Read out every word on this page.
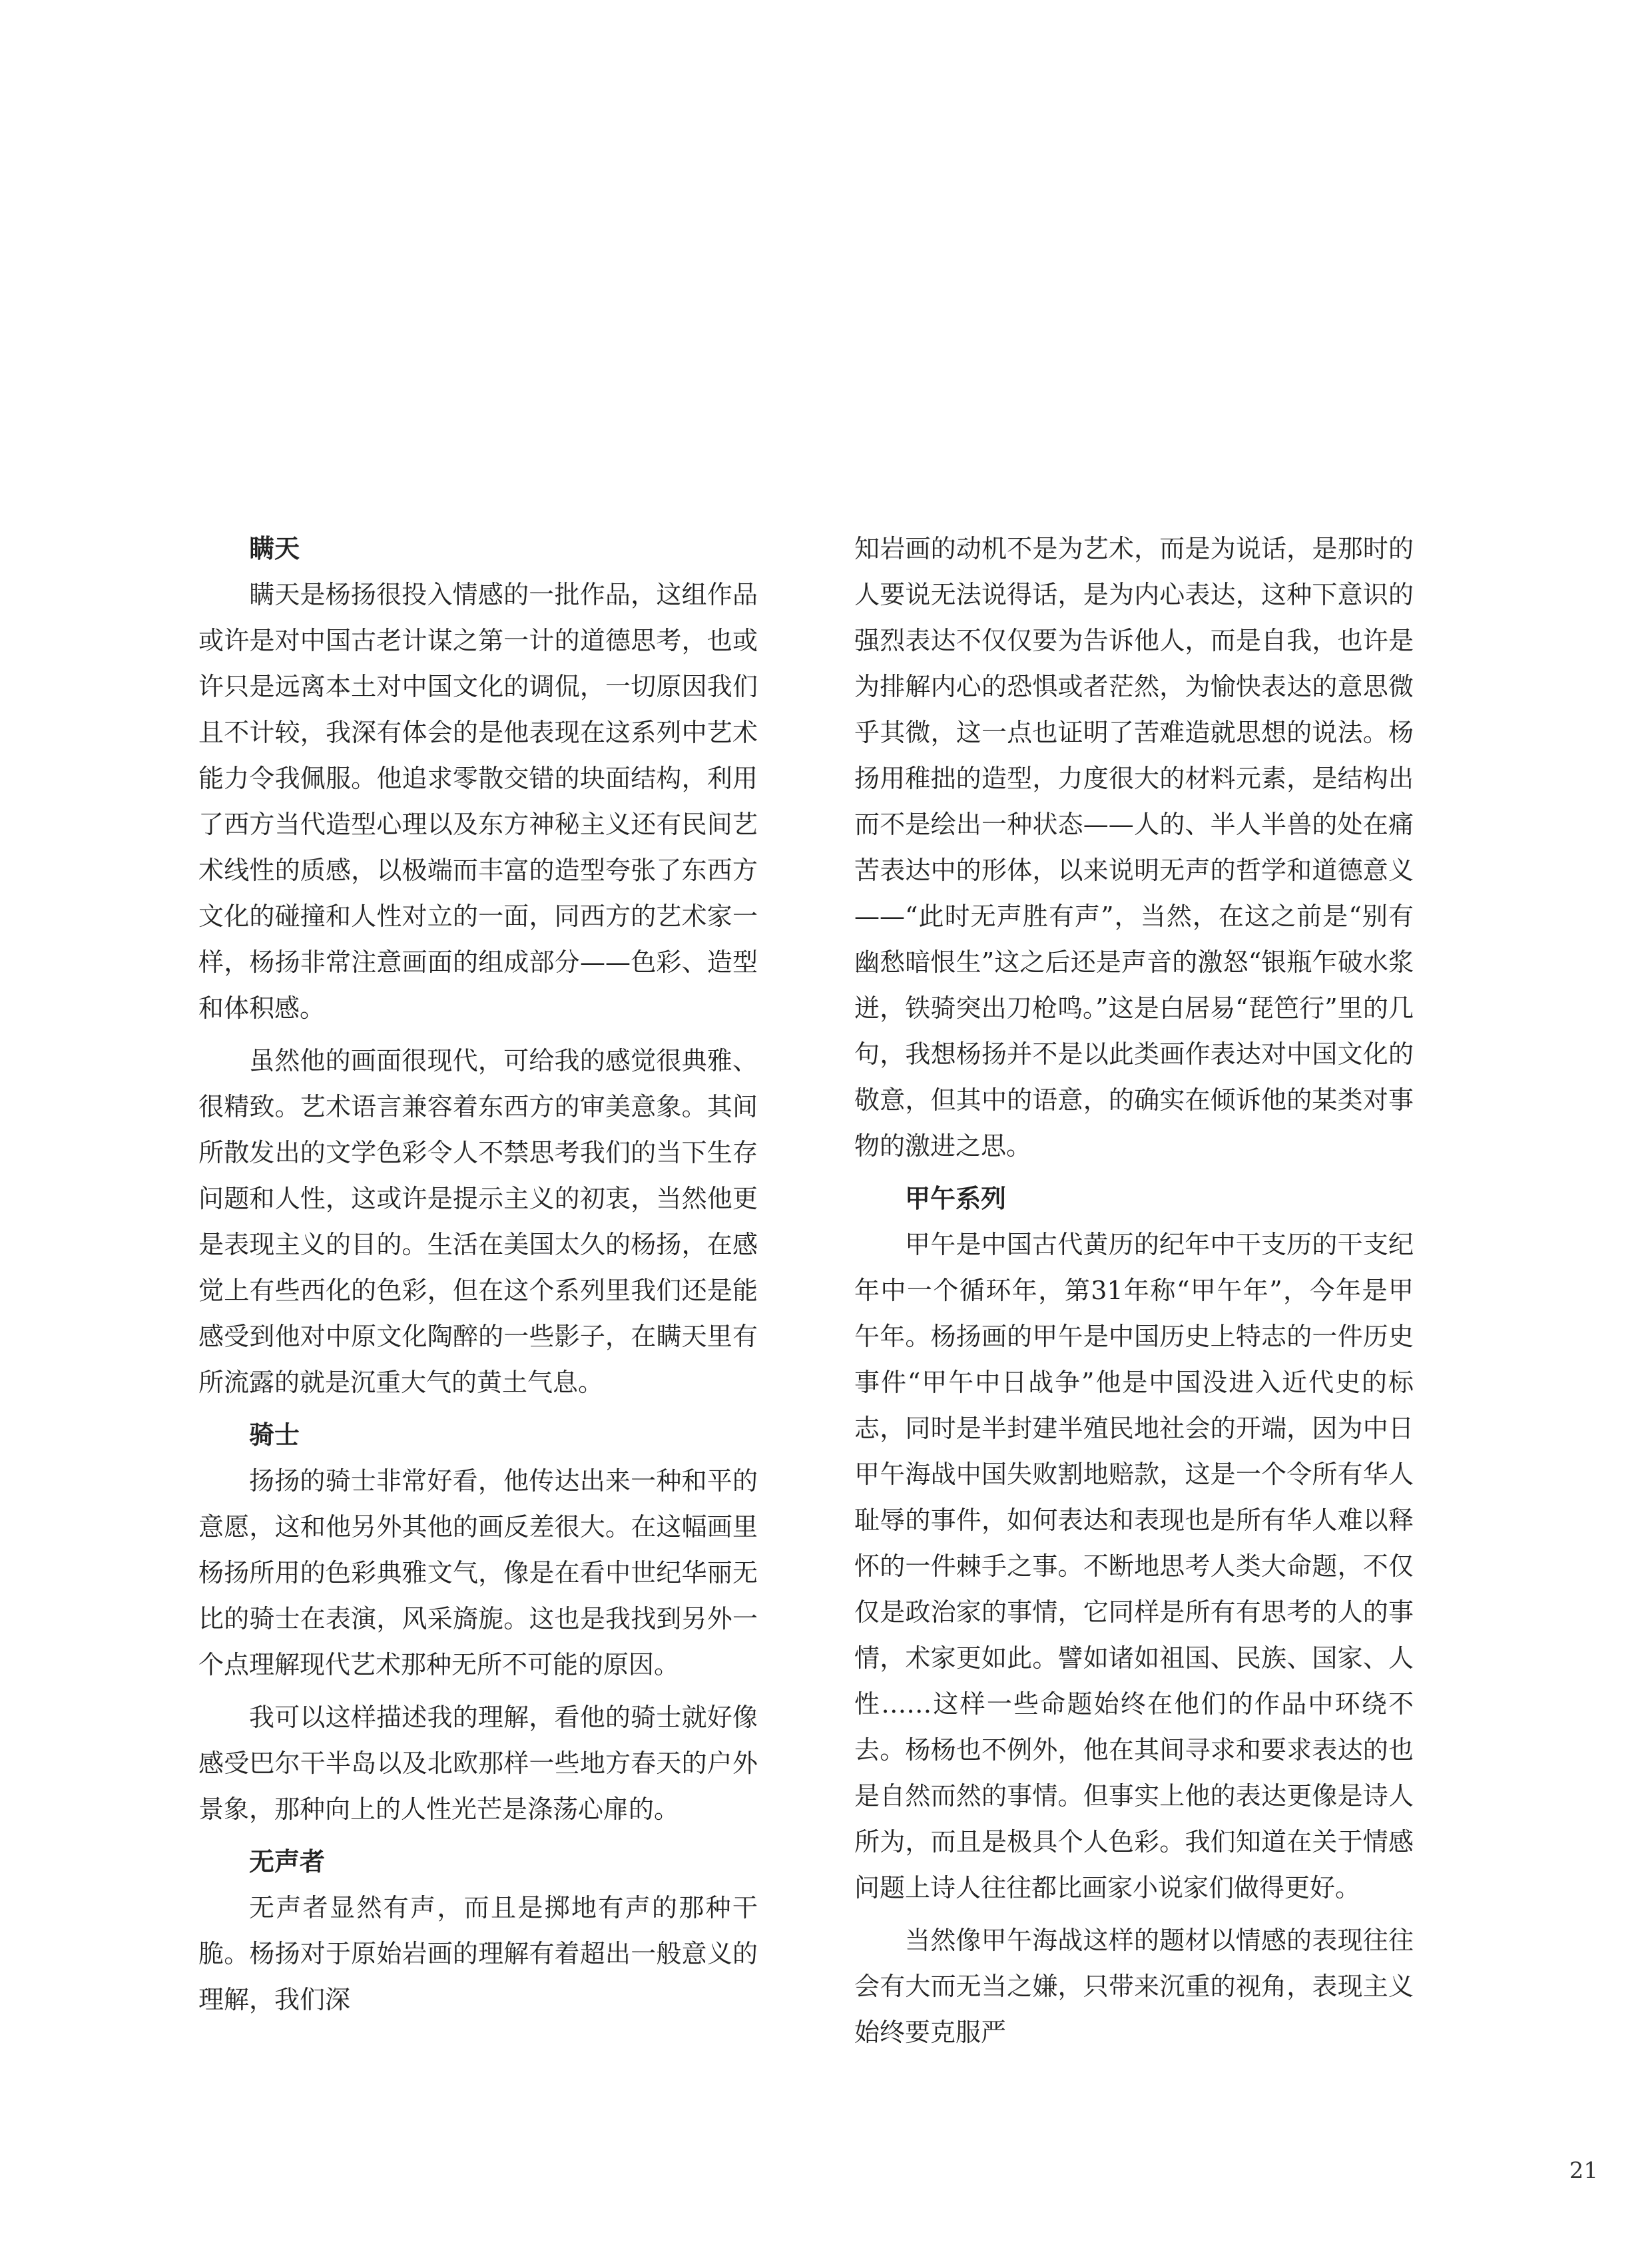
瞒天

瞒天是杨扬很投入情感的一批作品，这组作品或许是对中国古老计谋之第一计的道德思考，也或许只是远离本土对中国文化的调侃，一切原因我们且不计较，我深有体会的是他表现在这系列中艺术能力令我佩服。他追求零散交错的块面结构，利用了西方当代造型心理以及东方神秘主义还有民间艺术线性的质感，以极端而丰富的造型夸张了东西方文化的碰撞和人性对立的一面，同西方的艺术家一样，杨扬非常注意画面的组成部分——色彩、造型和体积感。

虽然他的画面很现代，可给我的感觉很典雅、很精致。艺术语言兼容着东西方的审美意象。其间所散发出的文学色彩令人不禁思考我们的当下生存问题和人性，这或许是提示主义的初衷，当然他更是表现主义的目的。生活在美国太久的杨扬，在感觉上有些西化的色彩，但在这个系列里我们还是能感受到他对中原文化陶醉的一些影子，在瞒天里有所流露的就是沉重大气的黄土气息。

骑士

扬扬的骑士非常好看，他传达出来一种和平的意愿，这和他另外其他的画反差很大。在这幅画里杨扬所用的色彩典雅文气，像是在看中世纪华丽无比的骑士在表演，风采旖旎。这也是我找到另外一个点理解现代艺术那种无所不可能的原因。

我可以这样描述我的理解，看他的骑士就好像感受巴尔干半岛以及北欧那样一些地方春天的户外景象，那种向上的人性光芒是涤荡心扉的。

无声者

无声者显然有声，而且是掷地有声的那种干脆。杨扬对于原始岩画的理解有着超出一般意义的理解，我们深

知岩画的动机不是为艺术，而是为说话，是那时的人要说无法说得话，是为内心表达，这种下意识的强烈表达不仅仅要为告诉他人，而是自我，也许是为排解内心的恐惧或者茫然，为愉快表达的意思微乎其微，这一点也证明了苦难造就思想的说法。杨扬用稚拙的造型，力度很大的材料元素，是结构出而不是绘出一种状态——人的、半人半兽的处在痛苦表达中的形体，以来说明无声的哲学和道德意义——“此时无声胜有声”，当然，在这之前是“别有幽愁暗恨生”这之后还是声音的激怒“银瓶乍破水浆迸，铁骑突出刀枪鸣。”这是白居易“琵笆行”里的几句，我想杨扬并不是以此类画作表达对中国文化的敬意，但其中的语意，的确实在倾诉他的某类对事物的激进之思。

甲午系列

甲午是中国古代黄历的纪年中干支历的干支纪年中一个循环年，第31年称“甲午年”，今年是甲午年。杨扬画的甲午是中国历史上特志的一件历史事件“甲午中日战争”他是中国没进入近代史的标志，同时是半封建半殖民地社会的开端，因为中日甲午海战中国失败割地赔款，这是一个令所有华人耻辱的事件，如何表达和表现也是所有华人难以释怀的一件棘手之事。不断地思考人类大命题，不仅仅是政治家的事情，它同样是所有有思考的人的事情，术家更如此。譬如诸如祖国、民族、国家、人性……这样一些命题始终在他们的作品中环绕不去。杨杨也不例外，他在其间寻求和要求表达的也是自然而然的事情。但事实上他的表达更像是诗人所为，而且是极具个人色彩。我们知道在关于情感问题上诗人往往都比画家小说家们做得更好。

当然像甲午海战这样的题材以情感的表现往往会有大而无当之嫌，只带来沉重的视角，表现主义始终要克服严

21
